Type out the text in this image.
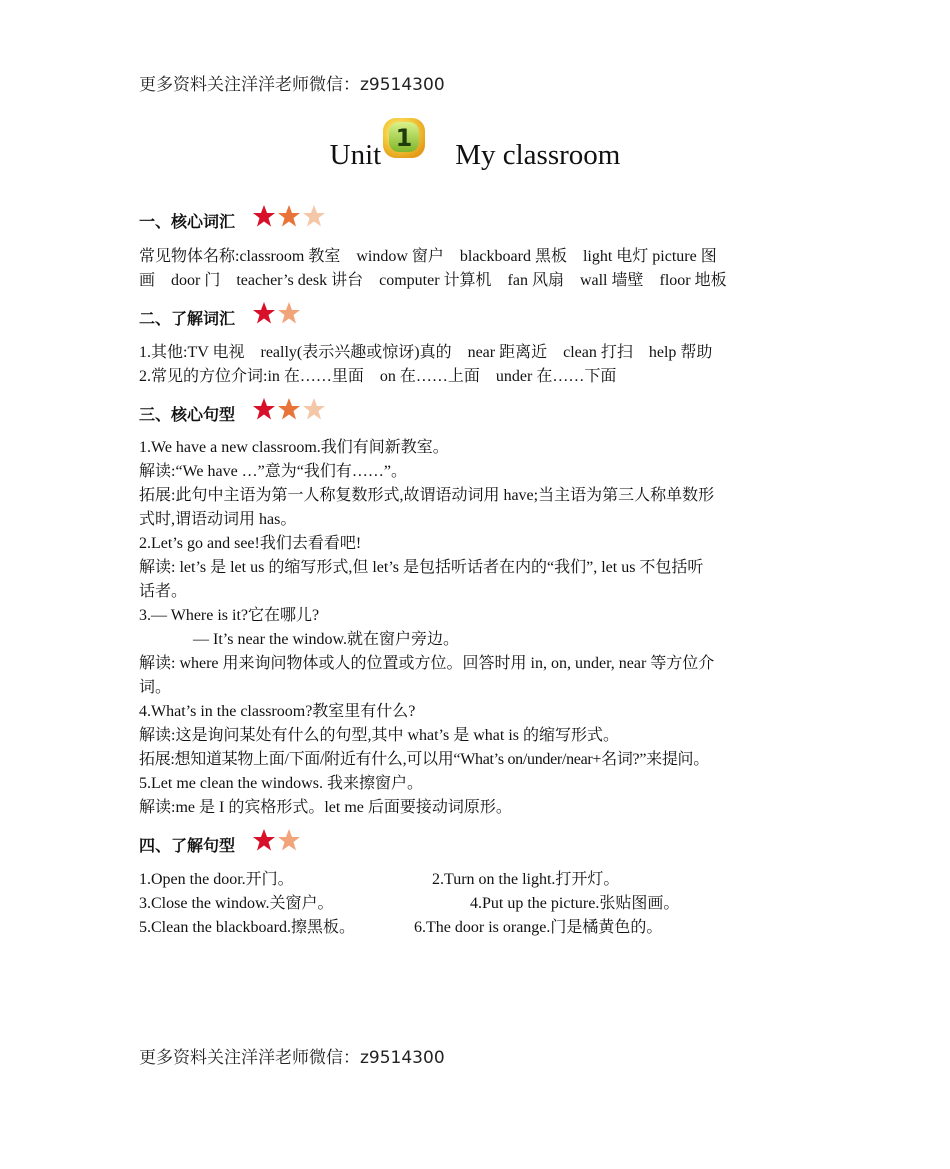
更多资料关注洋洋老师微信：z9514300
Unit
1
My classroom
一、核心词汇
常见物体名称:classroom 教室　window 窗户　blackboard 黑板　light 电灯 picture 图
画　door 门　teacher’s desk 讲台　computer 计算机　fan 风扇　wall 墙壁　floor 地板
二、了解词汇
1.其他:TV 电视　really(表示兴趣或惊讶)真的　near 距离近　clean 打扫　help 帮助
2.常见的方位介词:in 在……里面　on 在……上面　under 在……下面
三、核心句型
1.We have a new classroom.我们有间新教室。
解读:“We have …”意为“我们有……”。
拓展:此句中主语为第一人称复数形式,故谓语动词用 have;当主语为第三人称单数形
式时,谓语动词用 has。
2.Let’s go and see!我们去看看吧!
解读: let’s 是 let us 的缩写形式,但 let’s 是包括听话者在内的“我们”, let us 不包括听
话者。
3.— Where is it?它在哪儿?
— It’s near the window.就在窗户旁边。
解读: where 用来询问物体或人的位置或方位。回答时用 in, on, under, near 等方位介
词。
4.What’s in the classroom?教室里有什么?
解读:这是询问某处有什么的句型,其中 what’s 是 what is 的缩写形式。
拓展:想知道某物上面/下面/附近有什么,可以用“What’s on/under/near+名词?”来提问。
5.Let me clean the windows. 我来擦窗户。
解读:me 是 I 的宾格形式。let me 后面要接动词原形。
四、了解句型
1.Open the door.开门。	2.Turn on the light.打开灯。
3.Close the window.关窗户。	4.Put up the picture.张贴图画。
5.Clean the blackboard.擦黑板。	6.The door is orange.门是橘黄色的。
更多资料关注洋洋老师微信：z9514300
